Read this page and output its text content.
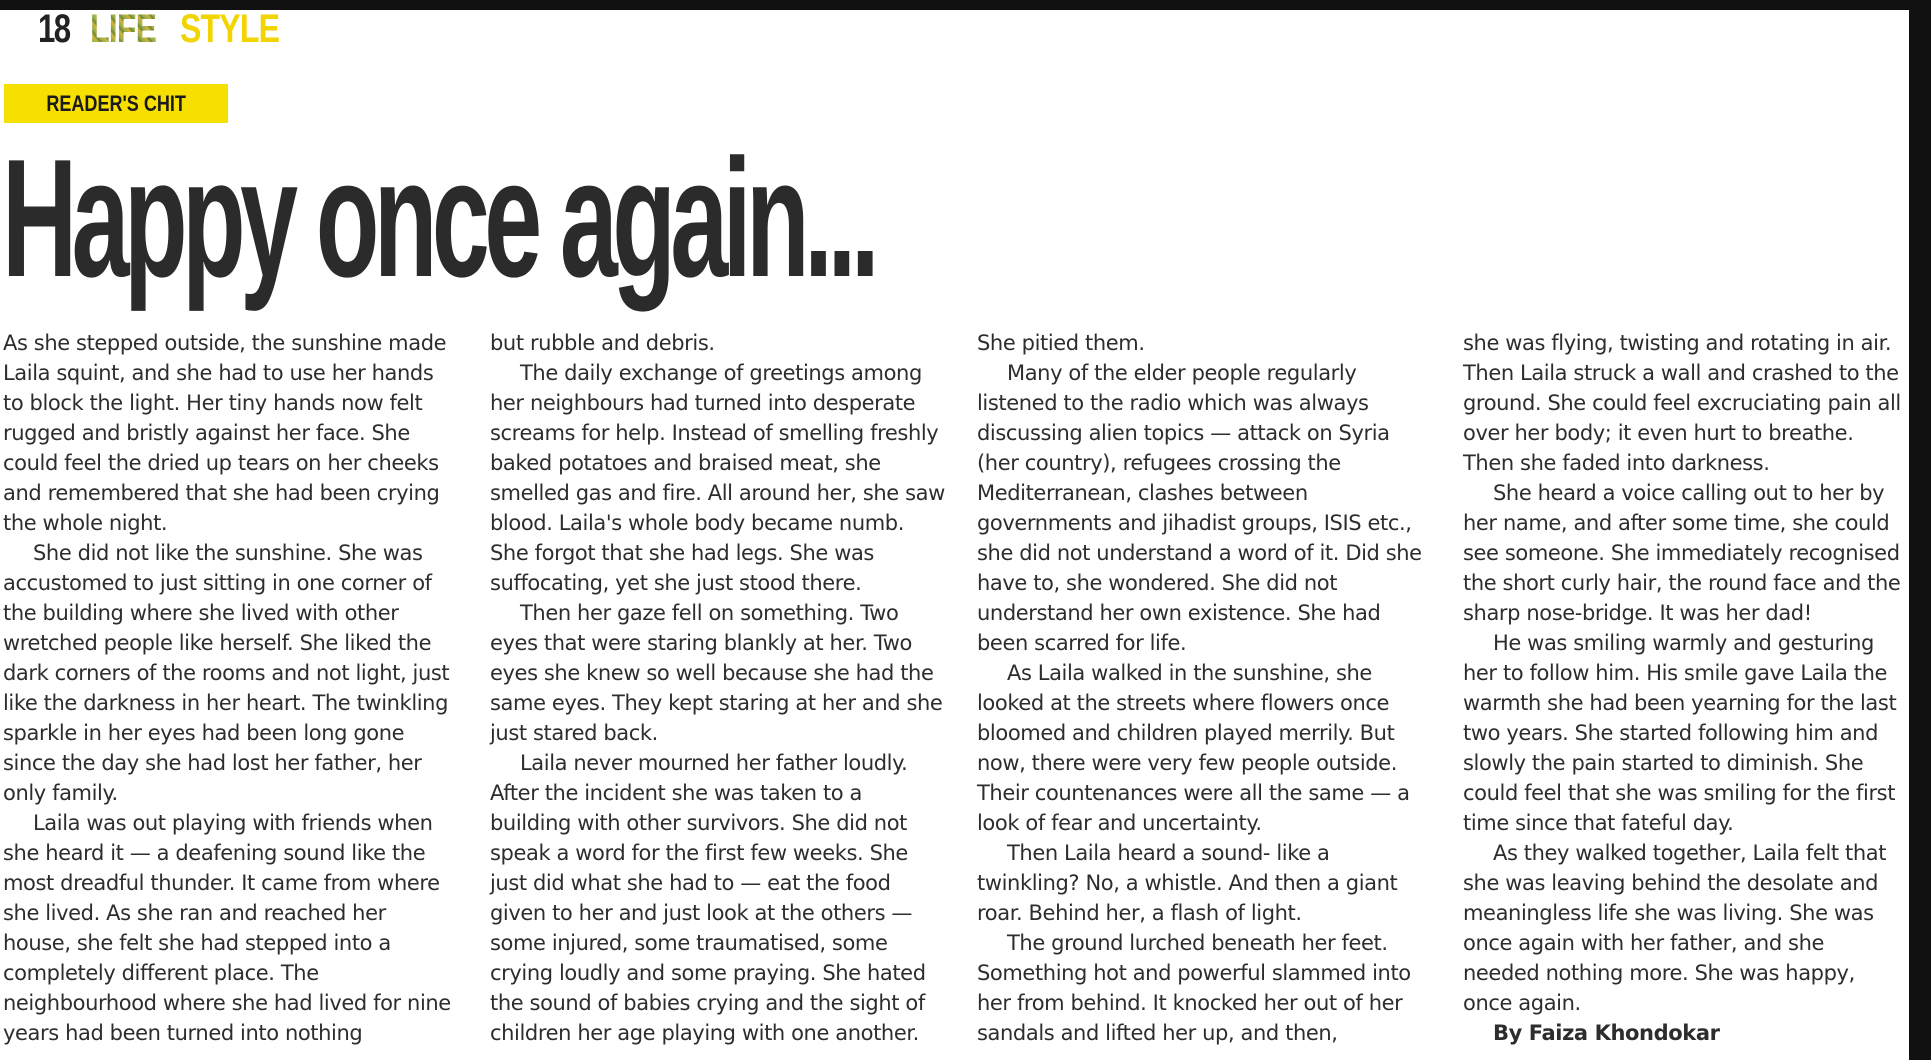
18 LIFE STYLE
READER'S CHIT
Happy once again...

As she stepped outside, the sunshine made Laila squint, and she had to use her hands to block the light. Her tiny hands now felt rugged and bristly against her face. She could feel the dried up tears on her cheeks and remembered that she had been crying the whole night.

She did not like the sunshine. She was accustomed to just sitting in one corner of the building where she lived with other wretched people like herself. She liked the dark corners of the rooms and not light, just like the darkness in her heart. The twinkling sparkle in her eyes had been long gone since the day she had lost her father, her only family.

Laila was out playing with friends when she heard it — a deafening sound like the most dreadful thunder. It came from where she lived. As she ran and reached her house, she felt she had stepped into a completely different place. The neighbourhood where she had lived for nine years had been turned into nothing

but rubble and debris.

The daily exchange of greetings among her neighbours had turned into desperate screams for help. Instead of smelling freshly baked potatoes and braised meat, she smelled gas and fire. All around her, she saw blood. Laila's whole body became numb. She forgot that she had legs. She was suffocating, yet she just stood there.

Then her gaze fell on something. Two eyes that were staring blankly at her. Two eyes she knew so well because she had the same eyes. They kept staring at her and she just stared back.

Laila never mourned her father loudly. After the incident she was taken to a building with other survivors. She did not speak a word for the first few weeks. She just did what she had to — eat the food given to her and just look at the others — some injured, some traumatised, some crying loudly and some praying. She hated the sound of babies crying and the sight of children her age playing with one another.

She pitied them.

Many of the elder people regularly listened to the radio which was always discussing alien topics — attack on Syria (her country), refugees crossing the Mediterranean, clashes between governments and jihadist groups, ISIS etc., she did not understand a word of it. Did she have to, she wondered. She did not understand her own existence. She had been scarred for life.

As Laila walked in the sunshine, she looked at the streets where flowers once bloomed and children played merrily. But now, there were very few people outside. Their countenances were all the same — a look of fear and uncertainty.

Then Laila heard a sound- like a twinkling? No, a whistle. And then a giant roar. Behind her, a flash of light.

The ground lurched beneath her feet. Something hot and powerful slammed into her from behind. It knocked her out of her sandals and lifted her up, and then,

she was flying, twisting and rotating in air. Then Laila struck a wall and crashed to the ground. She could feel excruciating pain all over her body; it even hurt to breathe. Then she faded into darkness.

She heard a voice calling out to her by her name, and after some time, she could see someone. She immediately recognised the short curly hair, the round face and the sharp nose-bridge. It was her dad!

He was smiling warmly and gesturing her to follow him. His smile gave Laila the warmth she had been yearning for the last two years. She started following him and slowly the pain started to diminish. She could feel that she was smiling for the first time since that fateful day.

As they walked together, Laila felt that she was leaving behind the desolate and meaningless life she was living. She was once again with her father, and she needed nothing more. She was happy, once again.

By Faiza Khondokar
